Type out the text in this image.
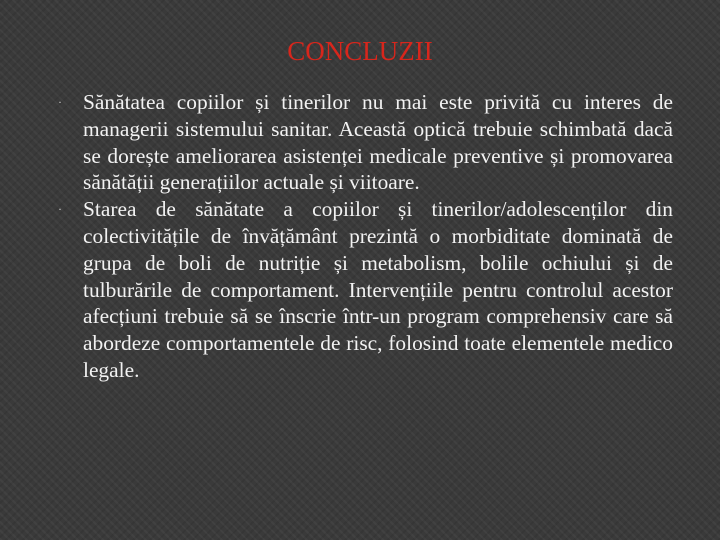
CONCLUZII
· Sănătatea copiilor și tinerilor nu mai este privită cu interes de managerii sistemului sanitar. Această optică trebuie schimbată dacă se dorește ameliorarea asistenței medicale preventive și promovarea sănătății generațiilor actuale și viitoare.
· Starea de sănătate a copiilor și tinerilor/adolescenților din colectivitățile de învățământ prezintă o morbiditate dominată de grupa de boli de nutriție și metabolism, bolile ochiului și de tulburările de comportament. Intervențiile pentru controlul acestor afecțiuni trebuie să se înscrie într-un program comprehensiv care să abordeze comportamentele de risc, folosind toate elementele medico legale.
